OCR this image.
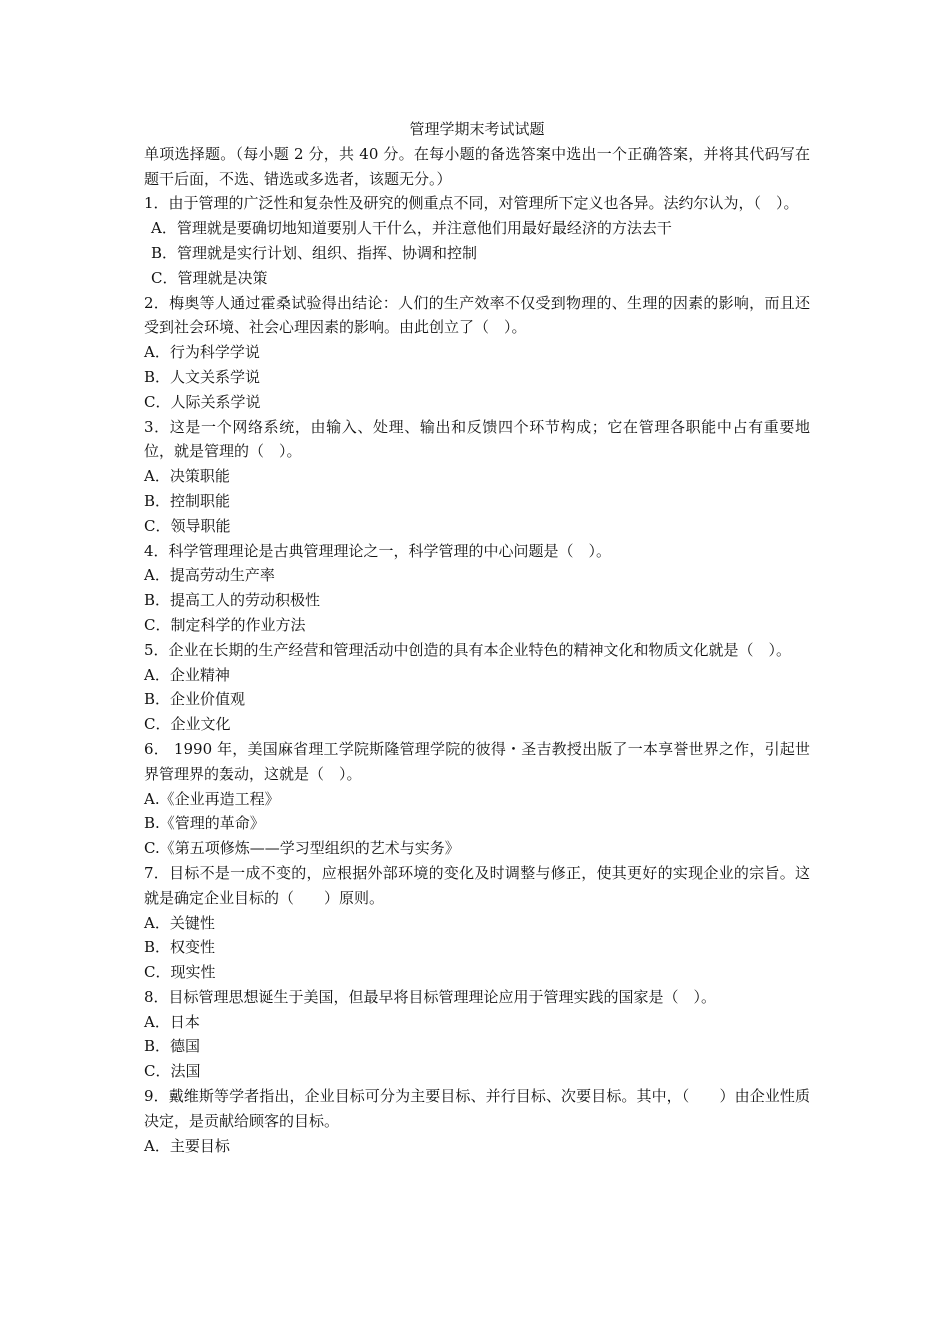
管理学期末考试试题

单项选择题。（每小题 2 分，共 40 分。在每小题的备选答案中选出一个正确答案，并将其代码写在题干后面，不选、错选或多选者，该题无分。）

1．由于管理的广泛性和复杂性及研究的侧重点不同，对管理所下定义也各异。法约尔认为，（　）。

A．管理就是要确切地知道要别人干什么，并注意他们用最好最经济的方法去干

B．管理就是实行计划、组织、指挥、协调和控制

C．管理就是决策

2．梅奥等人通过霍桑试验得出结论：人们的生产效率不仅受到物理的、生理的因素的影响，而且还受到社会环境、社会心理因素的影响。由此创立了（　）。

A．行为科学学说

B．人文关系学说

C．人际关系学说

3．这是一个网络系统，由输入、处理、输出和反馈四个环节构成；它在管理各职能中占有重要地位，就是管理的（　）。

A．决策职能

B．控制职能

C．领导职能

4．科学管理理论是古典管理理论之一，科学管理的中心问题是（　）。

A．提高劳动生产率

B．提高工人的劳动积极性

C．制定科学的作业方法

5．企业在长期的生产经营和管理活动中创造的具有本企业特色的精神文化和物质文化就是（　）。

A．企业精神

B．企业价值观

C．企业文化

6． 1990 年，美国麻省理工学院斯隆管理学院的彼得・圣吉教授出版了一本享誉世界之作，引起世界管理界的轰动，这就是（　）。

A.《企业再造工程》

B.《管理的革命》

C.《第五项修炼——学习型组织的艺术与实务》

7．目标不是一成不变的，应根据外部环境的变化及时调整与修正，使其更好的实现企业的宗旨。这就是确定企业目标的（　　）原则。

A．关键性

B．权变性

C．现实性

8．目标管理思想诞生于美国，但最早将目标管理理论应用于管理实践的国家是（　）。

A．日本

B．德国

C．法国

9．戴维斯等学者指出，企业目标可分为主要目标、并行目标、次要目标。其中，（　　）由企业性质决定，是贡献给顾客的目标。

A．主要目标
